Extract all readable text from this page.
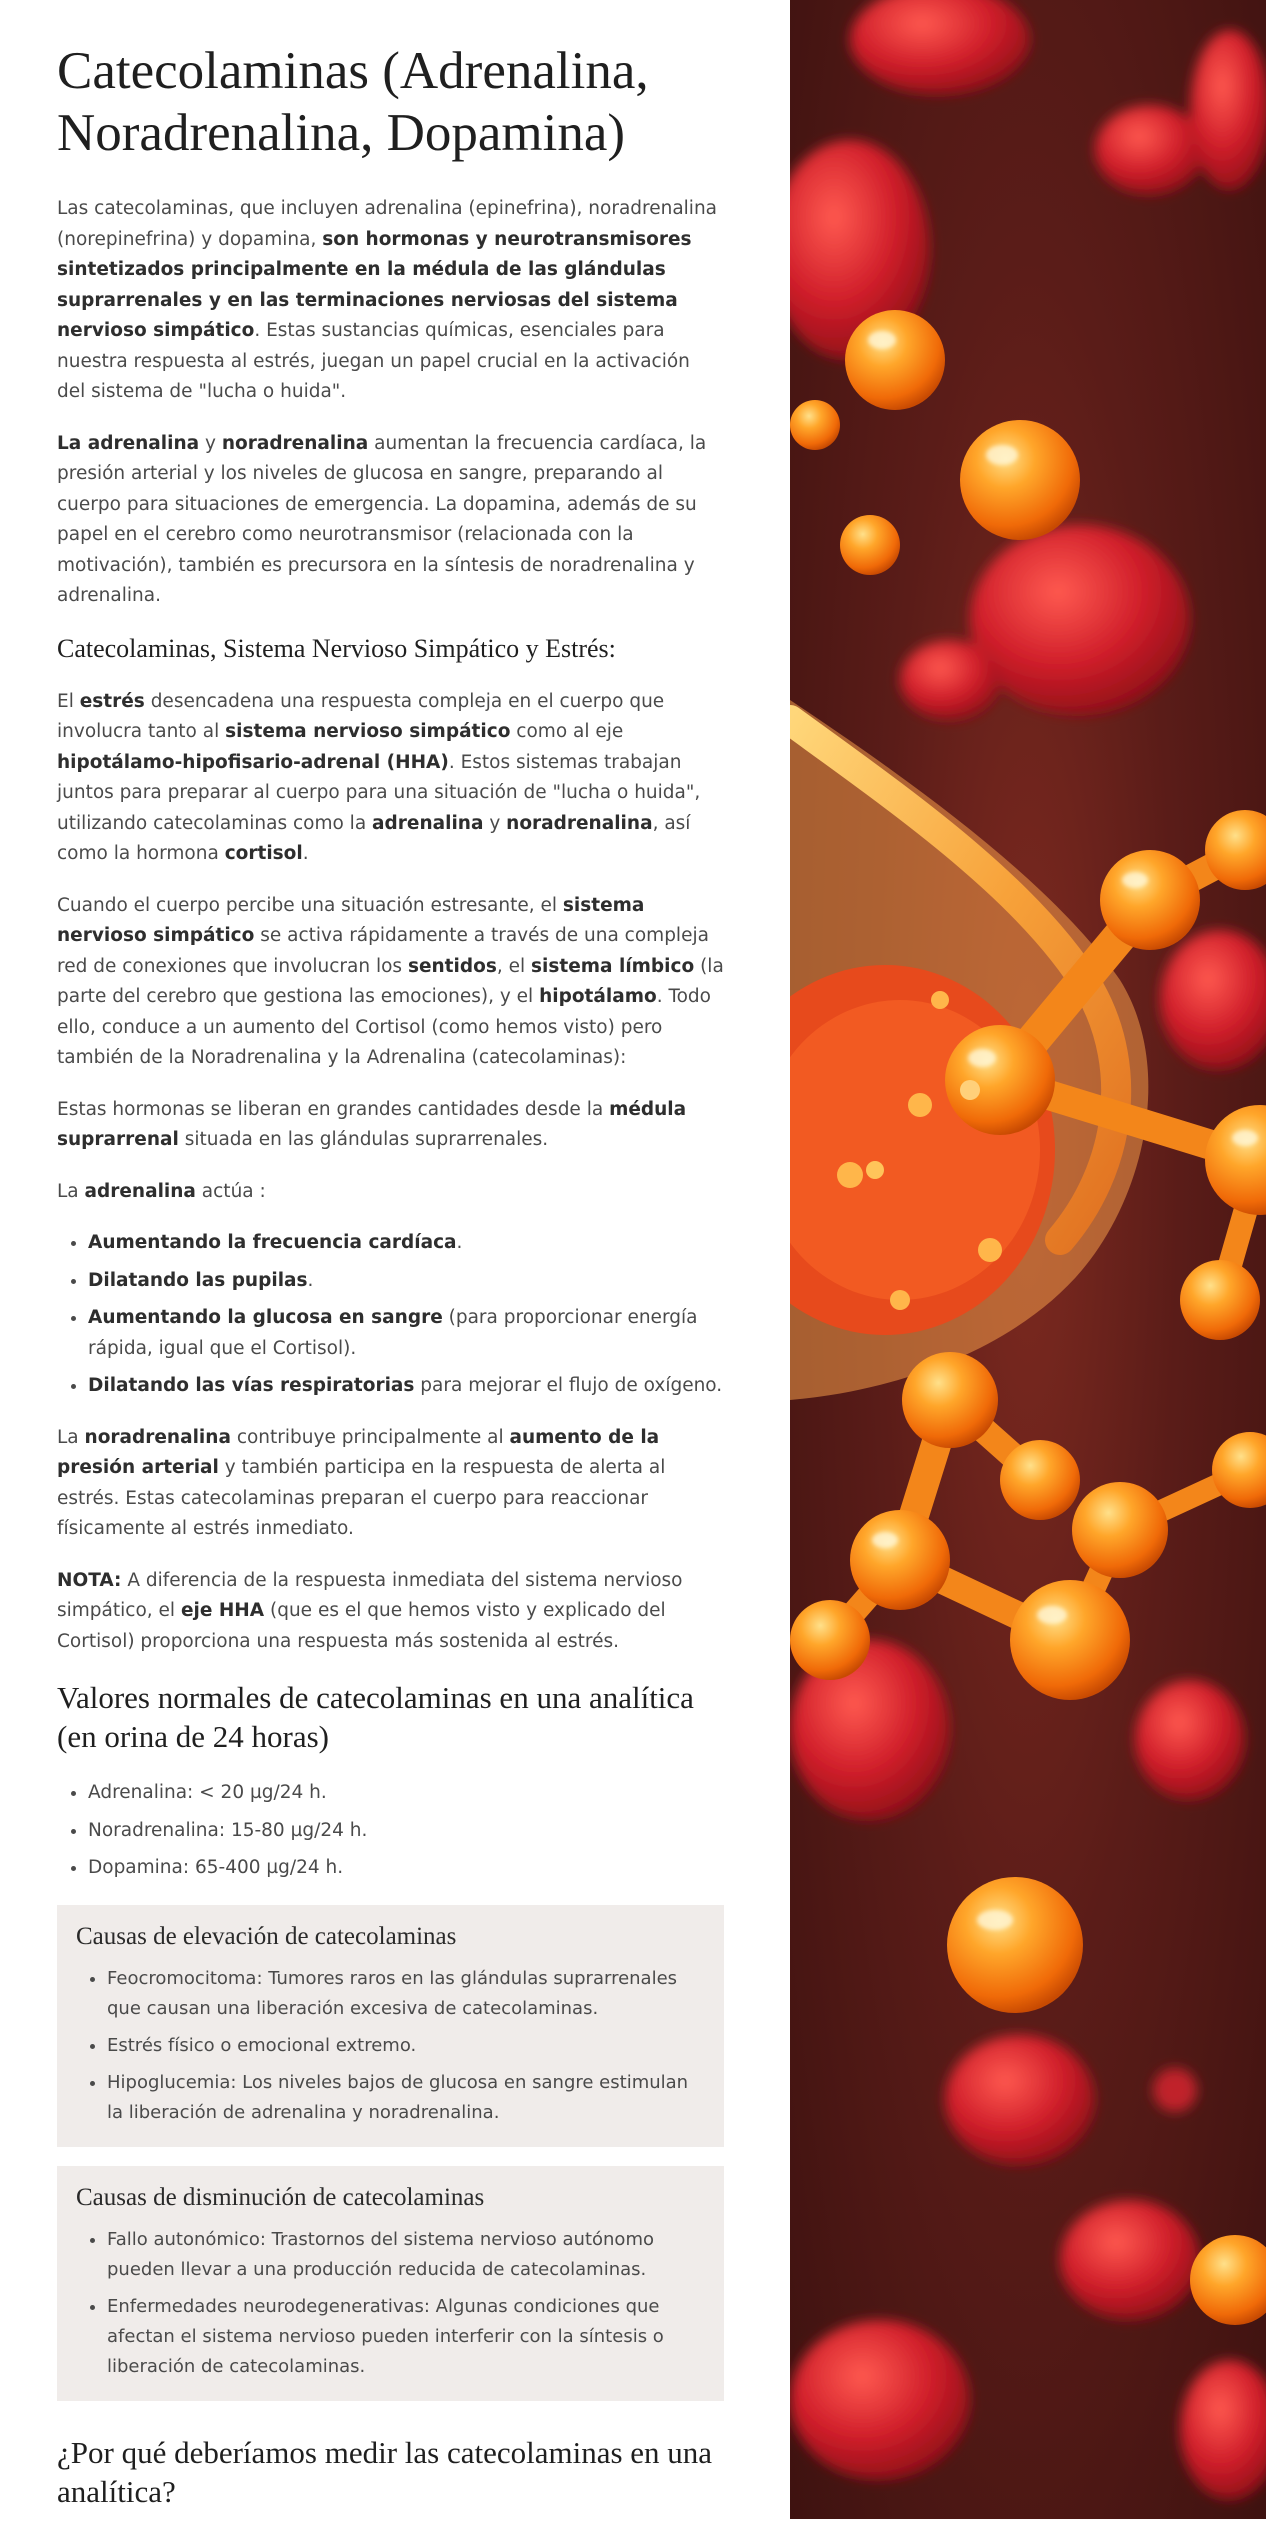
Catecolaminas (Adrenalina, Noradrenalina, Dopamina)

Las catecolaminas, que incluyen adrenalina (epinefrina), noradrenalina (norepinefrina) y dopamina, son hormonas y neurotransmisores sintetizados principalmente en la médula de las glándulas suprarrenales y en las terminaciones nerviosas del sistema nervioso simpático. Estas sustancias químicas, esenciales para nuestra respuesta al estrés, juegan un papel crucial en la activación del sistema de "lucha o huida".

La adrenalina y noradrenalina aumentan la frecuencia cardíaca, la presión arterial y los niveles de glucosa en sangre, preparando al cuerpo para situaciones de emergencia. La dopamina, además de su papel en el cerebro como neurotransmisor (relacionada con la motivación), también es precursora en la síntesis de noradrenalina y adrenalina.

Catecolaminas, Sistema Nervioso Simpático y Estrés:

El estrés desencadena una respuesta compleja en el cuerpo que involucra tanto al sistema nervioso simpático como al eje hipotálamo-hipofisario-adrenal (HHA). Estos sistemas trabajan juntos para preparar al cuerpo para una situación de "lucha o huida", utilizando catecolaminas como la adrenalina y noradrenalina, así como la hormona cortisol.

Cuando el cuerpo percibe una situación estresante, el sistema nervioso simpático se activa rápidamente a través de una compleja red de conexiones que involucran los sentidos, el sistema límbico (la parte del cerebro que gestiona las emociones), y el hipotálamo. Todo ello, conduce a un aumento del Cortisol (como hemos visto) pero también de la Noradrenalina y la Adrenalina (catecolaminas):

Estas hormonas se liberan en grandes cantidades desde la médula suprarrenal situada en las glándulas suprarrenales.

La adrenalina actúa :

• Aumentando la frecuencia cardíaca.
• Dilatando las pupilas.
• Aumentando la glucosa en sangre (para proporcionar energía rápida, igual que el Cortisol).
• Dilatando las vías respiratorias para mejorar el flujo de oxígeno.

La noradrenalina contribuye principalmente al aumento de la presión arterial y también participa en la respuesta de alerta al estrés. Estas catecolaminas preparan el cuerpo para reaccionar físicamente al estrés inmediato.

NOTA: A diferencia de la respuesta inmediata del sistema nervioso simpático, el eje HHA (que es el que hemos visto y explicado del Cortisol) proporciona una respuesta más sostenida al estrés.

Valores normales de catecolaminas en una analítica (en orina de 24 horas)
• Adrenalina: < 20 µg/24 h.
• Noradrenalina: 15-80 µg/24 h.
• Dopamina: 65-400 µg/24 h.
Causas de elevación de catecolaminas
• Feocromocitoma: Tumores raros en las glándulas suprarrenales que causan una liberación excesiva de catecolaminas.
• Estrés físico o emocional extremo.
• Hipoglucemia: Los niveles bajos de glucosa en sangre estimulan la liberación de adrenalina y noradrenalina.
Causas de disminución de catecolaminas
• Fallo autonómico: Trastornos del sistema nervioso autónomo pueden llevar a una producción reducida de catecolaminas.
• Enfermedades neurodegenerativas: Algunas condiciones que afectan el sistema nervioso pueden interferir con la síntesis o liberación de catecolaminas.
¿Por qué deberíamos medir las catecolaminas en una analítica?
